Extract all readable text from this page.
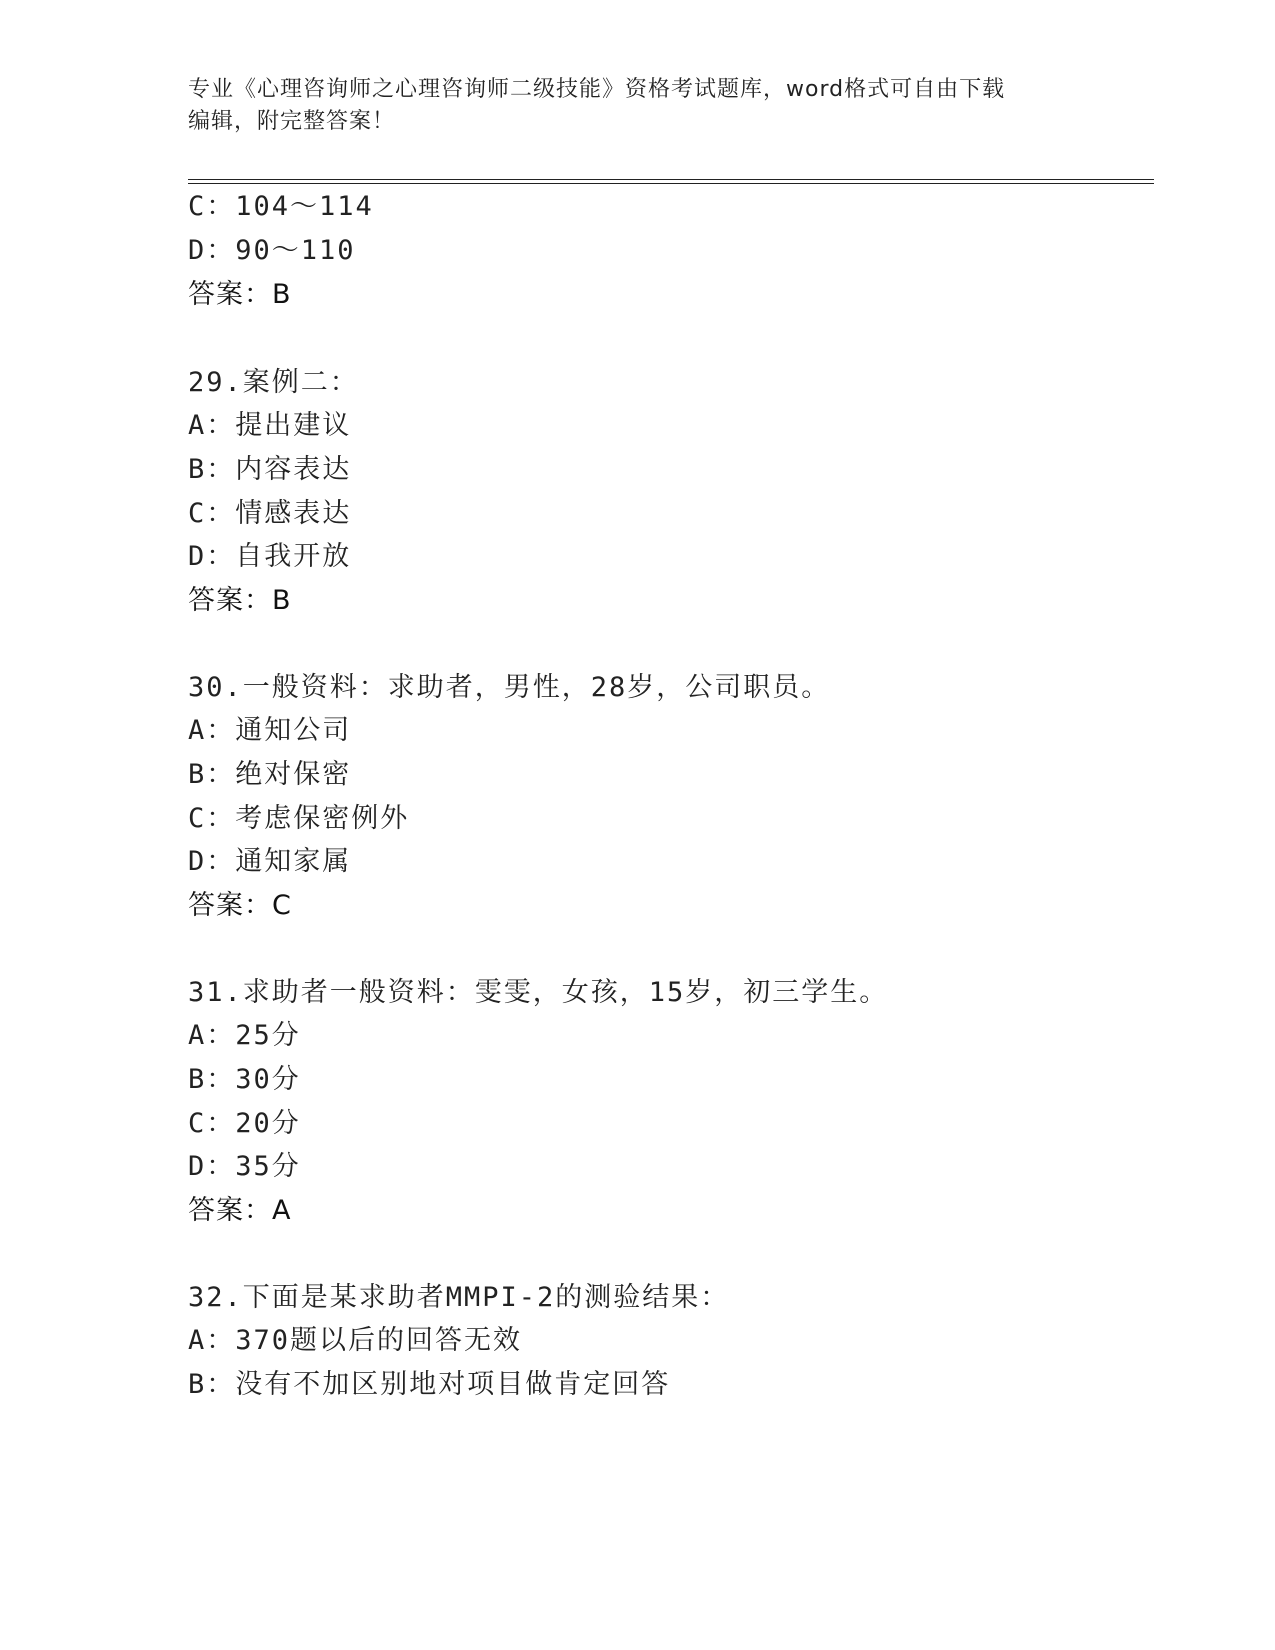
专业《心理咨询师之心理咨询师二级技能》资格考试题库，word格式可自由下载
编辑，附完整答案！
C：104～114
D：90～110
答案：B
29.案例二：
A：提出建议
B：内容表达
C：情感表达
D：自我开放
答案：B
30.一般资料：求助者，男性，28岁，公司职员。
A：通知公司
B：绝对保密
C：考虑保密例外
D：通知家属
答案：C
31.求助者一般资料：雯雯，女孩，15岁，初三学生。
A：25分
B：30分
C：20分
D：35分
答案：A
32.下面是某求助者MMPI-2的测验结果：
A：370题以后的回答无效
B：没有不加区别地对项目做肯定回答
